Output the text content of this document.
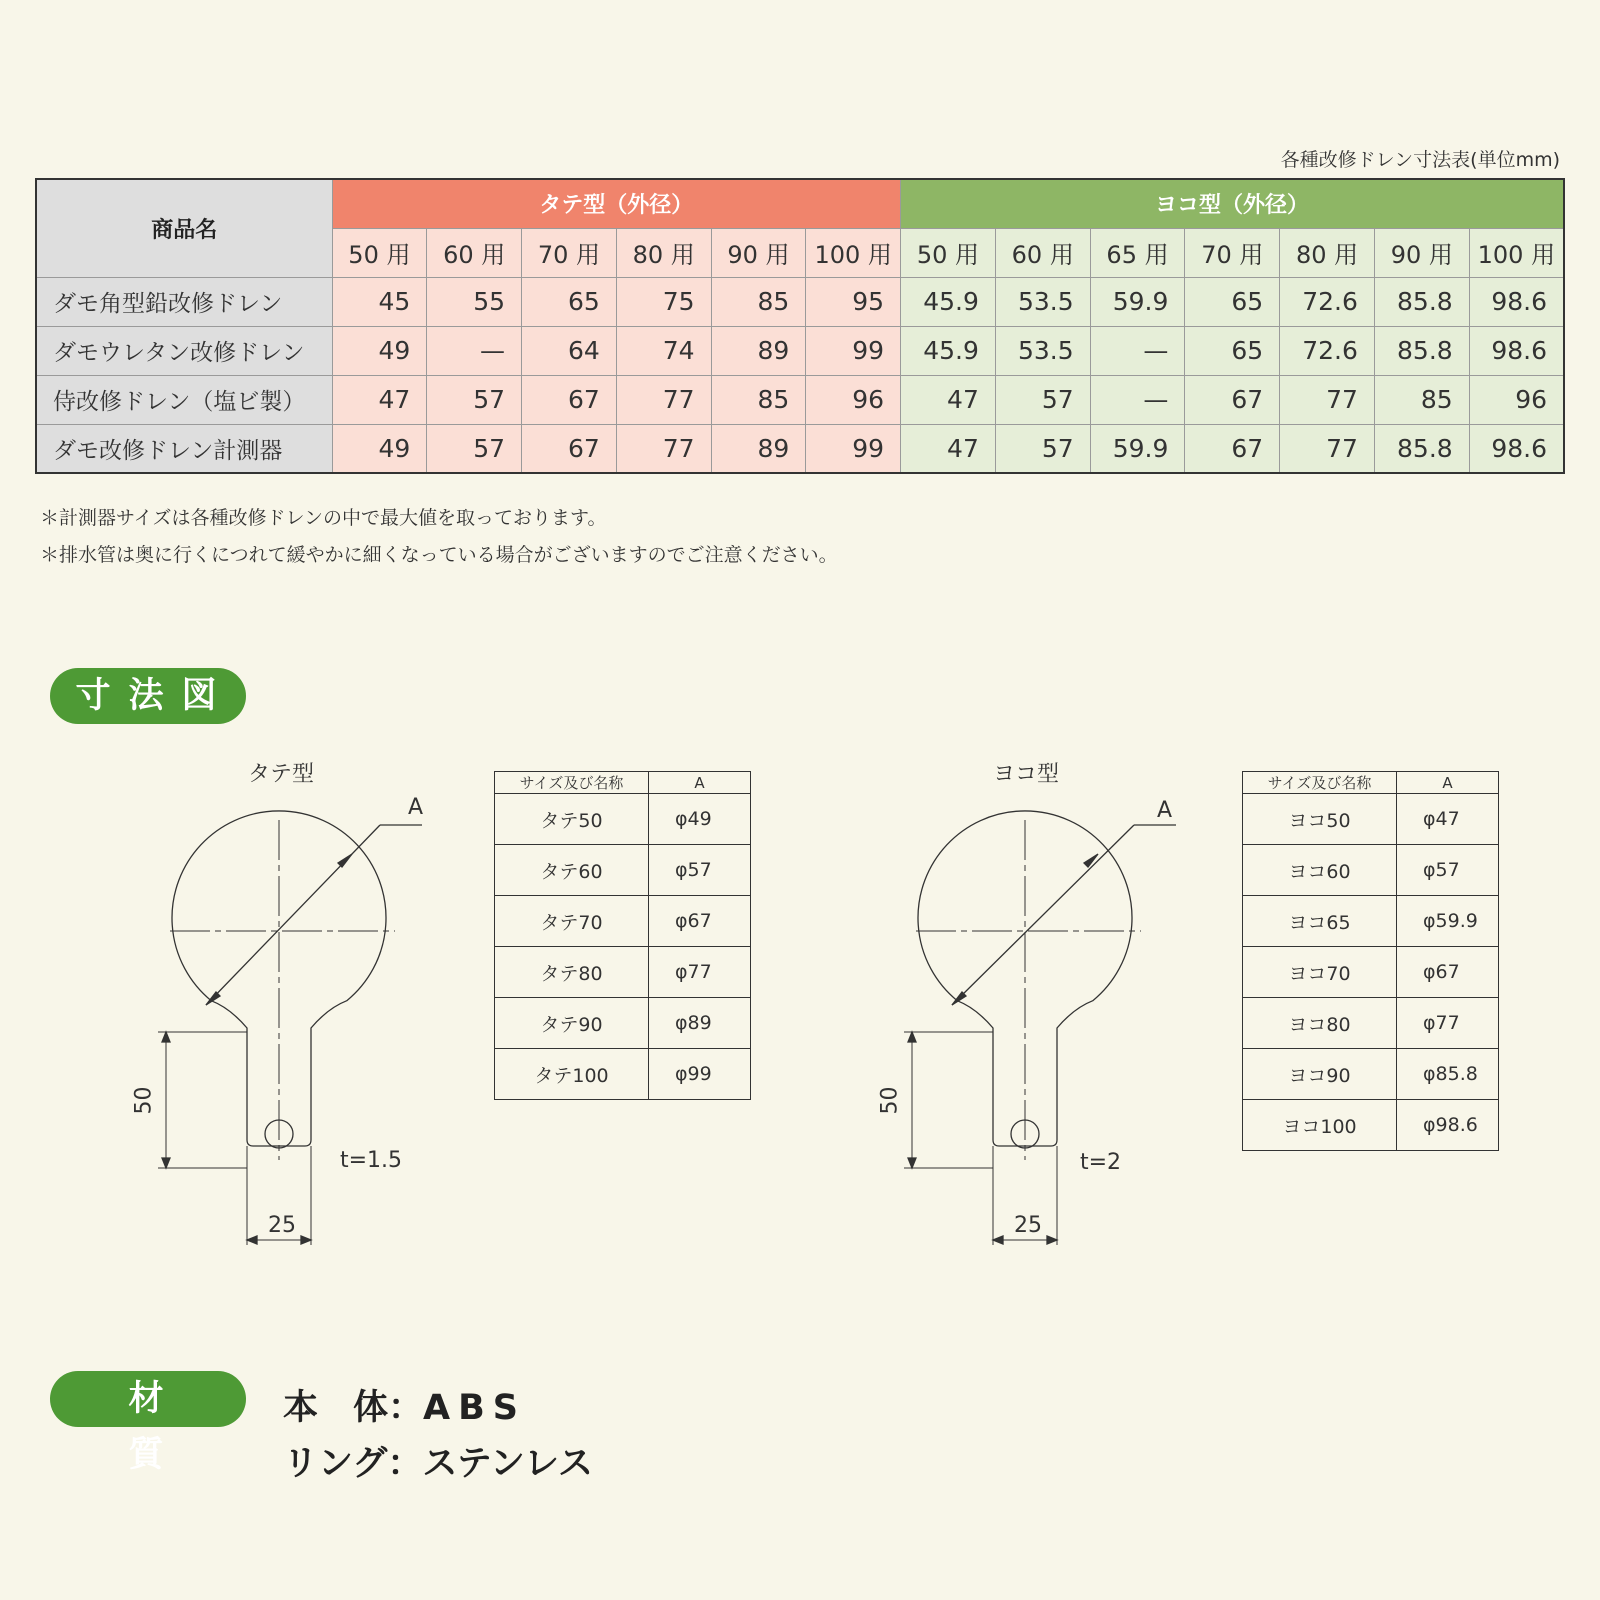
各種改修ドレン寸法表(単位mm)
商品名	タテ型（外径）						ヨコ型（外径）						
	50 用	60 用	70 用	80 用	90 用	100 用	50 用	60 用	65 用	70 用	80 用	90 用	100 用
ダモ角型鉛改修ドレン	45	55	65	75	85	95	45.9	53.5	59.9	65	72.6	85.8	98.6
ダモウレタン改修ドレン	49	—	64	74	89	99	45.9	53.5	—	65	72.6	85.8	98.6
侍改修ドレン（塩ビ製）	47	57	67	77	85	96	47	57	—	67	77	85	96
ダモ改修ドレン計測器	49	57	67	77	89	99	47	57	59.9	67	77	85.8	98.6
＊計測器サイズは各種改修ドレンの中で最大値を取っております。
＊排水管は奥に行くにつれて緩やかに細くなっている場合がございますのでご注意ください。
寸法図
タテ型
A
50
25
t=1.5
サイズ及び名称	A
タテ50	φ49
タテ60	φ57
タテ70	φ67
タテ80	φ77
タテ90	φ89
タテ100	φ99
ヨコ型
A
50
25
t=2
サイズ及び名称	A
ヨコ50	φ47
ヨコ60	φ57
ヨコ65	φ59.9
ヨコ70	φ67
ヨコ80	φ77
ヨコ90	φ85.8
ヨコ100	φ98.6
材質
本　体：ABS
リング：ステンレス
